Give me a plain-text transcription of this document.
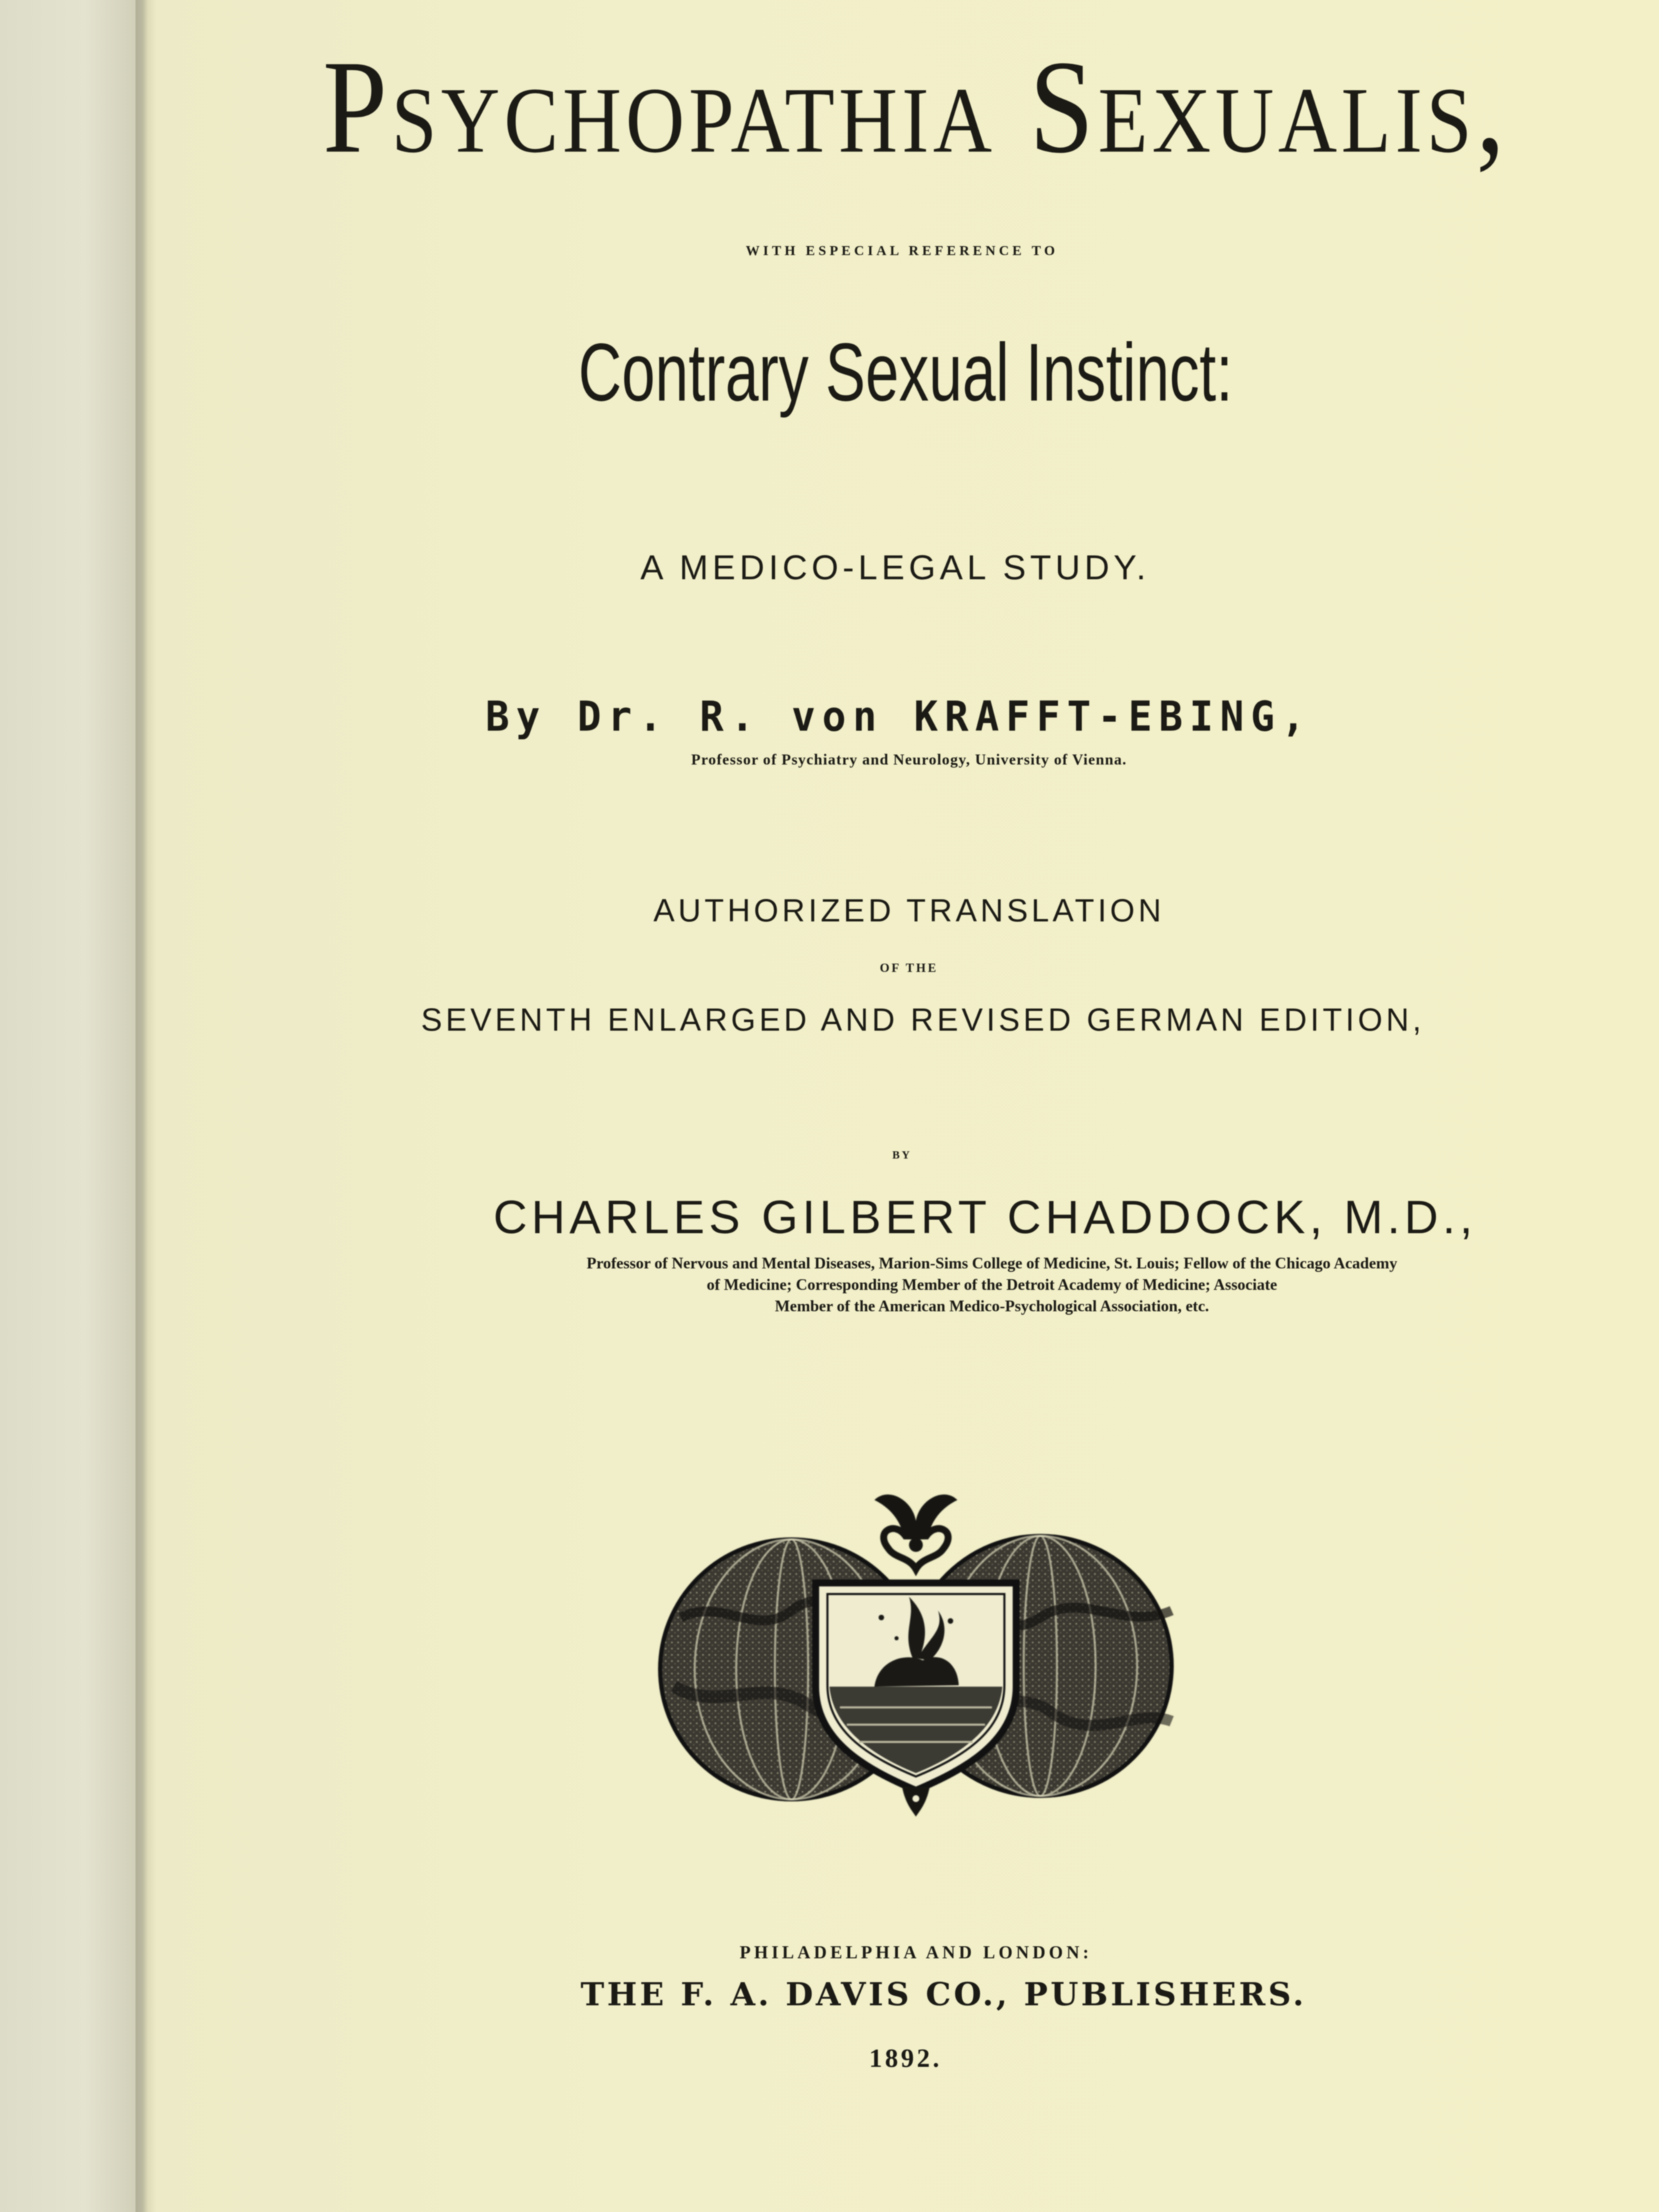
Psychopathia Sexualis,
WITH ESPECIAL REFERENCE TO
Contrary Sexual Instinct:
A MEDICO-LEGAL STUDY.
By Dr. R. von KRAFFT-EBING,
Professor of Psychiatry and Neurology, University of Vienna.
AUTHORIZED TRANSLATION
OF THE
SEVENTH ENLARGED AND REVISED GERMAN EDITION,
BY
CHARLES GILBERT CHADDOCK, M.D.,
Professor of Nervous and Mental Diseases, Marion-Sims College of Medicine, St. Louis; Fellow of the Chicago Academy
of Medicine; Corresponding Member of the Detroit Academy of Medicine; Associate
Member of the American Medico-Psychological Association, etc.
PHILADELPHIA AND LONDON:
THE F. A. DAVIS CO., PUBLISHERS.
1892.
